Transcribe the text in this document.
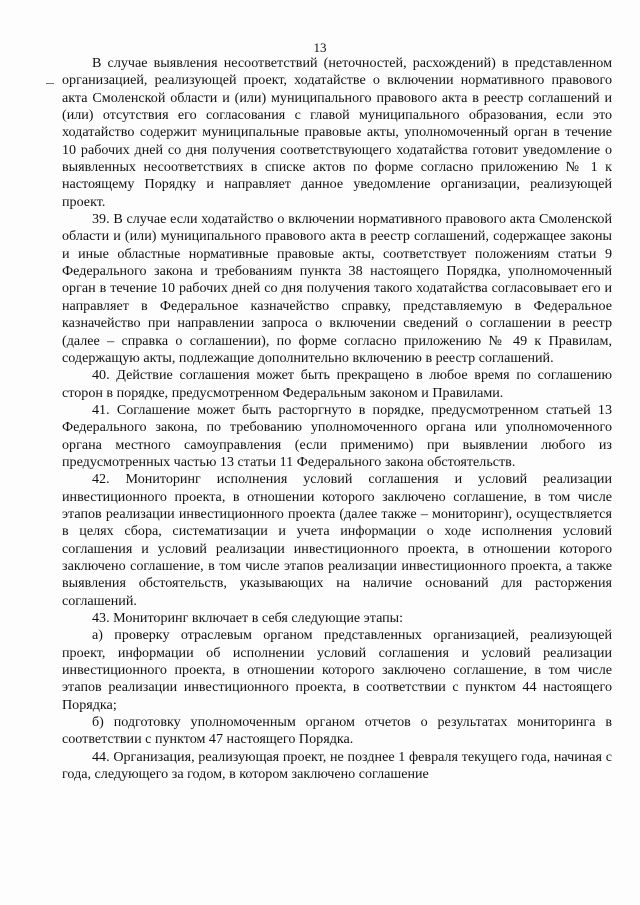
13

В случае выявления несоответствий (неточностей, расхождений) в представленном организацией, реализующей проект, ходатайстве о включении нормативного правового акта Смоленской области и (или) муниципального правового акта в реестр соглашений и (или) отсутствия его согласования с главой муниципального образования, если это ходатайство содержит муниципальные правовые акты, уполномоченный орган в течение 10 рабочих дней со дня получения соответствующего ходатайства готовит уведомление о выявленных несоответствиях в списке актов по форме согласно приложению № 1 к настоящему Порядку и направляет данное уведомление организации, реализующей проект.

39. В случае если ходатайство о включении нормативного правового акта Смоленской области и (или) муниципального правового акта в реестр соглашений, содержащее законы и иные областные нормативные правовые акты, соответствует положениям статьи 9 Федерального закона и требованиям пункта 38 настоящего Порядка, уполномоченный орган в течение 10 рабочих дней со дня получения такого ходатайства согласовывает его и направляет в Федеральное казначейство справку, представляемую в Федеральное казначейство при направлении запроса о включении сведений о соглашении в реестр (далее – справка о соглашении), по форме согласно приложению № 49 к Правилам, содержащую акты, подлежащие дополнительно включению в реестр соглашений.

40. Действие соглашения может быть прекращено в любое время по соглашению сторон в порядке, предусмотренном Федеральным законом и Правилами.

41. Соглашение может быть расторгнуто в порядке, предусмотренном статьей 13 Федерального закона, по требованию уполномоченного органа или уполномоченного органа местного самоуправления (если применимо) при выявлении любого из предусмотренных частью 13 статьи 11 Федерального закона обстоятельств.

42. Мониторинг исполнения условий соглашения и условий реализации инвестиционного проекта, в отношении которого заключено соглашение, в том числе этапов реализации инвестиционного проекта (далее также – мониторинг), осуществляется в целях сбора, систематизации и учета информации о ходе исполнения условий соглашения и условий реализации инвестиционного проекта, в отношении которого заключено соглашение, в том числе этапов реализации инвестиционного проекта, а также выявления обстоятельств, указывающих на наличие оснований для расторжения соглашений.

43. Мониторинг включает в себя следующие этапы:

а) проверку отраслевым органом представленных организацией, реализующей проект, информации об исполнении условий соглашения и условий реализации инвестиционного проекта, в отношении которого заключено соглашение, в том числе этапов реализации инвестиционного проекта, в соответствии с пунктом 44 настоящего Порядка;

б) подготовку уполномоченным органом отчетов о результатах мониторинга в соответствии с пунктом 47 настоящего Порядка.

44. Организация, реализующая проект, не позднее 1 февраля текущего года, начиная с года, следующего за годом, в котором заключено соглашение
